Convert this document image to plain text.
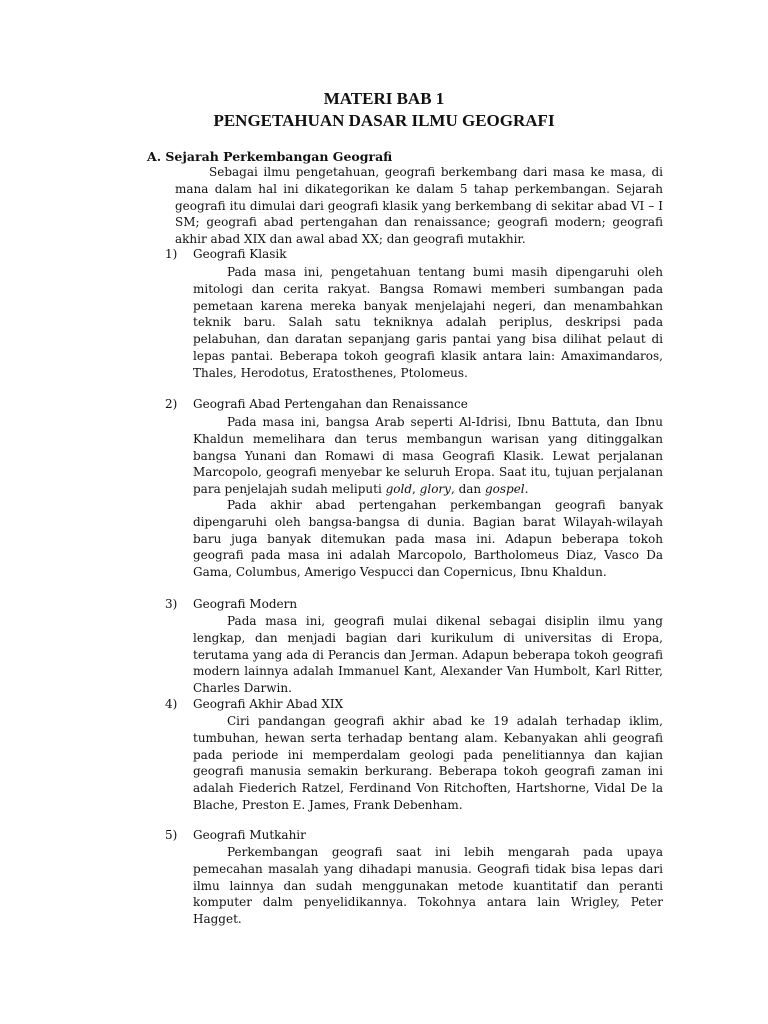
MATERI BAB 1
PENGETAHUAN DASAR ILMU GEOGRAFI
A. Sejarah Perkembangan Geografi

Sebagai ilmu pengetahuan, geografi berkembang dari masa ke masa, di mana dalam hal ini dikategorikan ke dalam 5 tahap perkembangan. Sejarah geografi itu dimulai dari geografi klasik yang berkembang di sekitar abad VI – I SM; geografi abad pertengahan dan renaissance; geografi modern; geografi akhir abad XIX dan awal abad XX; dan geografi mutakhir.

1) Geografi Klasik

Pada masa ini, pengetahuan tentang bumi masih dipengaruhi oleh mitologi dan cerita rakyat. Bangsa Romawi memberi sumbangan pada pemetaan karena mereka banyak menjelajahi negeri, dan menambahkan teknik baru. Salah satu tekniknya adalah periplus, deskripsi pada pelabuhan, dan daratan sepanjang garis pantai yang bisa dilihat pelaut di lepas pantai. Beberapa tokoh geografi klasik antara lain: Amaximandaros, Thales, Herodotus, Eratosthenes, Ptolomeus.

2) Geografi Abad Pertengahan dan Renaissance

Pada masa ini, bangsa Arab seperti Al-Idrisi, Ibnu Battuta, dan Ibnu Khaldun memelihara dan terus membangun warisan yang ditinggalkan bangsa Yunani dan Romawi di masa Geografi Klasik. Lewat perjalanan Marcopolo, geografi menyebar ke seluruh Eropa. Saat itu, tujuan perjalanan para penjelajah sudah meliputi gold, glory, dan gospel.

Pada akhir abad pertengahan perkembangan geografi banyak dipengaruhi oleh bangsa-bangsa di dunia. Bagian barat Wilayah-wilayah baru juga banyak ditemukan pada masa ini. Adapun beberapa tokoh geografi pada masa ini adalah Marcopolo, Bartholomeus Diaz, Vasco Da Gama, Columbus, Amerigo Vespucci dan Copernicus, Ibnu Khaldun.

3) Geografi Modern

Pada masa ini, geografi mulai dikenal sebagai disiplin ilmu yang lengkap, dan menjadi bagian dari kurikulum di universitas di Eropa, terutama yang ada di Perancis dan Jerman. Adapun beberapa tokoh geografi modern lainnya adalah Immanuel Kant, Alexander Van Humbolt, Karl Ritter, Charles Darwin.

4) Geografi Akhir Abad XIX

Ciri pandangan geografi akhir abad ke 19 adalah terhadap iklim, tumbuhan, hewan serta terhadap bentang alam. Kebanyakan ahli geografi pada periode ini memperdalam geologi pada penelitiannya dan kajian geografi manusia semakin berkurang. Beberapa tokoh geografi zaman ini adalah Fiederich Ratzel, Ferdinand Von Ritchoften, Hartshorne, Vidal De la Blache, Preston E. James, Frank Debenham.

5) Geografi Mutkahir

Perkembangan geografi saat ini lebih mengarah pada upaya pemecahan masalah yang dihadapi manusia. Geografi tidak bisa lepas dari ilmu lainnya dan sudah menggunakan metode kuantitatif dan peranti komputer dalm penyelidikannya. Tokohnya antara lain Wrigley, Peter Hagget.
